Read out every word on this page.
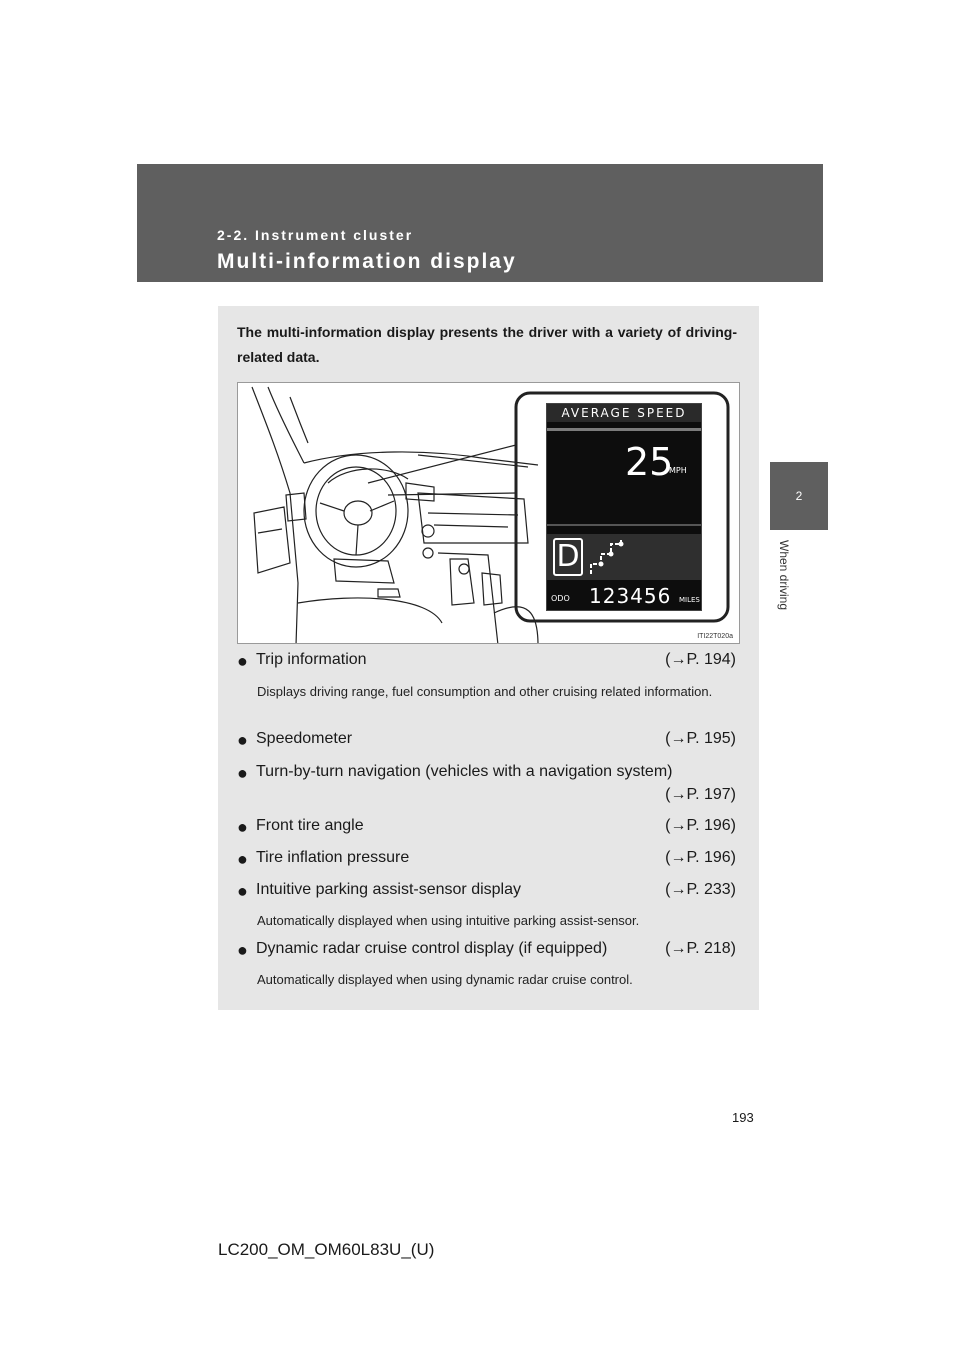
2-2. Instrument cluster
Multi-information display
2
When driving
The multi-information display presents the driver with a variety of driving-related data.
AVERAGE SPEED
25
MPH
D
ODO 123456 MILES
ITI22T020a
● Trip information	(→P. 194)
Displays driving range, fuel consumption and other cruising related information.
● Speedometer	(→P. 195)
● Turn-by-turn navigation (vehicles with a navigation system)
(→P. 197)
● Front tire angle	(→P. 196)
● Tire inflation pressure	(→P. 196)
● Intuitive parking assist-sensor display	(→P. 233)
Automatically displayed when using intuitive parking assist-sensor.
● Dynamic radar cruise control display (if equipped)	(→P. 218)
Automatically displayed when using dynamic radar cruise control.
193
LC200_OM_OM60L83U_(U)
